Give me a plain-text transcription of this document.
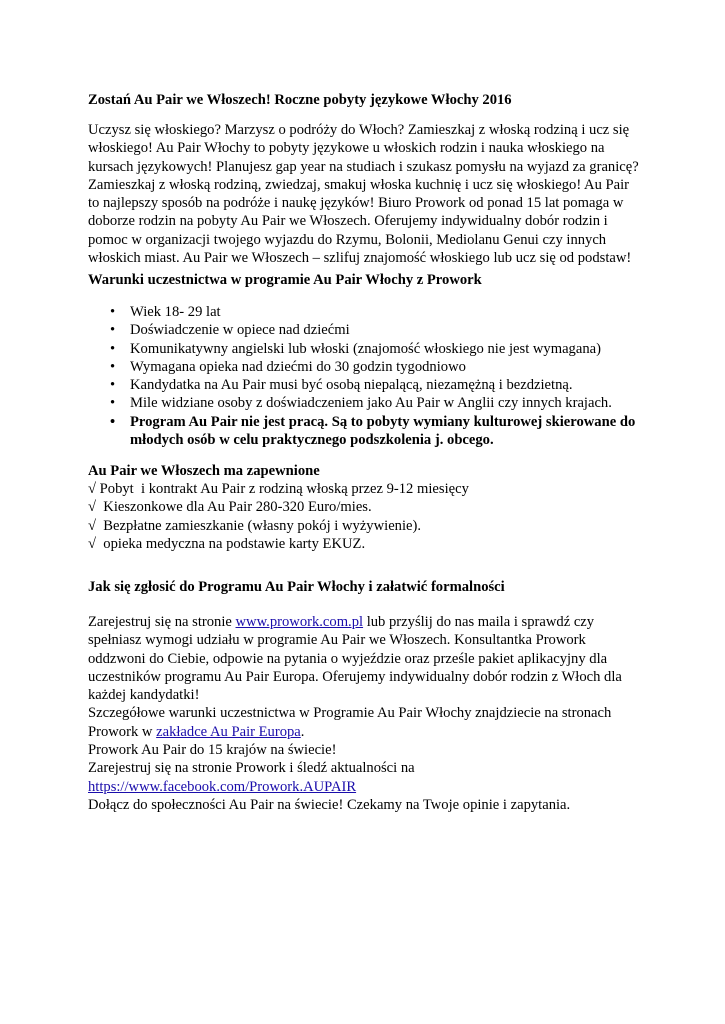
Zostań Au Pair we Włoszech! Roczne pobyty językowe Włochy 2016

Uczysz się włoskiego? Marzysz o podróży do Włoch? Zamieszkaj z włoską rodziną i ucz się

włoskiego! Au Pair Włochy to pobyty językowe u włoskich rodzin i nauka włoskiego na

kursach językowych! Planujesz gap year na studiach i szukasz pomysłu na wyjazd za granicę?

Zamieszkaj z włoską rodziną, zwiedzaj, smakuj włoska kuchnię i ucz się włoskiego! Au Pair

to najlepszy sposób na podróże i naukę języków! Biuro Prowork od ponad 15 lat pomaga w

doborze rodzin na pobyty Au Pair we Włoszech. Oferujemy indywidualny dobór rodzin i

pomoc w organizacji twojego wyjazdu do Rzymu, Bolonii, Mediolanu Genui czy innych

włoskich miast. Au Pair we Włoszech – szlifuj znajomość włoskiego lub ucz się od podstaw!

Warunki uczestnictwa w programie Au Pair Włochy z Prowork
• Wiek 18- 29 lat
• Doświadczenie w opiece nad dziećmi
• Komunikatywny angielski lub włoski (znajomość włoskiego nie jest wymagana)
• Wymagana opieka nad dziećmi do 30 godzin tygodniowo
• Kandydatka na Au Pair musi być osobą niepalącą, niezamężną i bezdzietną.
• Mile widziane osoby z doświadczeniem jako Au Pair w Anglii czy innych krajach.
• Program Au Pair nie jest pracą. Są to pobyty wymiany kulturowej skierowane do
młodych osób w celu praktycznego podszkolenia j. obcego.
Au Pair we Włoszech ma zapewnione
√ Pobyt  i kontrakt Au Pair z rodziną włoską przez 9-12 miesięcy
√  Kieszonkowe dla Au Pair 280-320 Euro/mies.
√  Bezpłatne zamieszkanie (własny pokój i wyżywienie).
√  opieka medyczna na podstawie karty EKUZ.
Jak się zgłosić do Programu Au Pair Włochy i załatwić formalności

Zarejestruj się na stronie www.prowork.com.pl lub przyślij do nas maila i sprawdź czy

spełniasz wymogi udziału w programie Au Pair we Włoszech. Konsultantka Prowork

oddzwoni do Ciebie, odpowie na pytania o wyjeździe oraz prześle pakiet aplikacyjny dla

uczestników programu Au Pair Europa. Oferujemy indywidualny dobór rodzin z Włoch dla

każdej kandydatki!

Szczegółowe warunki uczestnictwa w Programie Au Pair Włochy znajdziecie na stronach

Prowork w zakładce Au Pair Europa.

Prowork Au Pair do 15 krajów na świecie!

Zarejestruj się na stronie Prowork i śledź aktualności na

https://www.facebook.com/Prowork.AUPAIR

Dołącz do społeczności Au Pair na świecie! Czekamy na Twoje opinie i zapytania.
